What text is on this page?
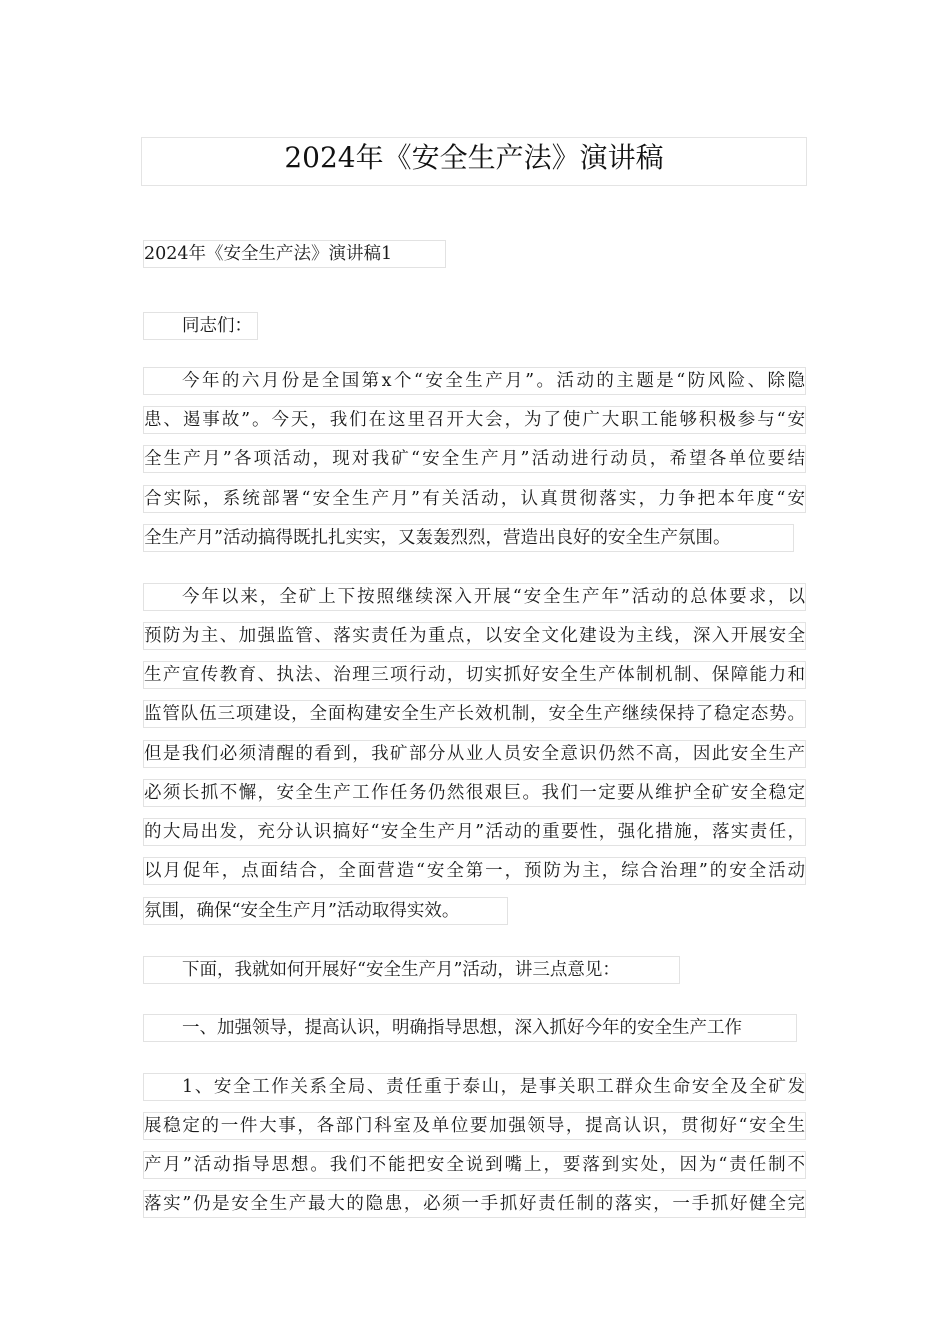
2024年《安全生产法》演讲稿
2024年《安全生产法》演讲稿1
同志们：
今年的六月份是全国第x个“安全生产月”。活动的主题是“防风险、除隐
患、遏事故”。今天，我们在这里召开大会，为了使广大职工能够积极参与“安
全生产月”各项活动，现对我矿“安全生产月”活动进行动员，希望各单位要结
合实际，系统部署“安全生产月”有关活动，认真贯彻落实，力争把本年度“安
全生产月”活动搞得既扎扎实实，又轰轰烈烈，营造出良好的安全生产氛围。
今年以来，全矿上下按照继续深入开展“安全生产年”活动的总体要求，以
预防为主、加强监管、落实责任为重点，以安全文化建设为主线，深入开展安全
生产宣传教育、执法、治理三项行动，切实抓好安全生产体制机制、保障能力和
监管队伍三项建设，全面构建安全生产长效机制，安全生产继续保持了稳定态势。
但是我们必须清醒的看到，我矿部分从业人员安全意识仍然不高，因此安全生产
必须长抓不懈，安全生产工作任务仍然很艰巨。我们一定要从维护全矿安全稳定
的大局出发，充分认识搞好“安全生产月”活动的重要性，强化措施，落实责任，
以月促年，点面结合，全面营造“安全第一，预防为主，综合治理”的安全活动
氛围，确保“安全生产月”活动取得实效。
下面，我就如何开展好“安全生产月”活动，讲三点意见：
一、加强领导，提高认识，明确指导思想，深入抓好今年的安全生产工作
1、安全工作关系全局、责任重于泰山，是事关职工群众生命安全及全矿发
展稳定的一件大事，各部门科室及单位要加强领导，提高认识，贯彻好“安全生
产月”活动指导思想。我们不能把安全说到嘴上，要落到实处，因为“责任制不
落实”仍是安全生产最大的隐患，必须一手抓好责任制的落实，一手抓好健全完
